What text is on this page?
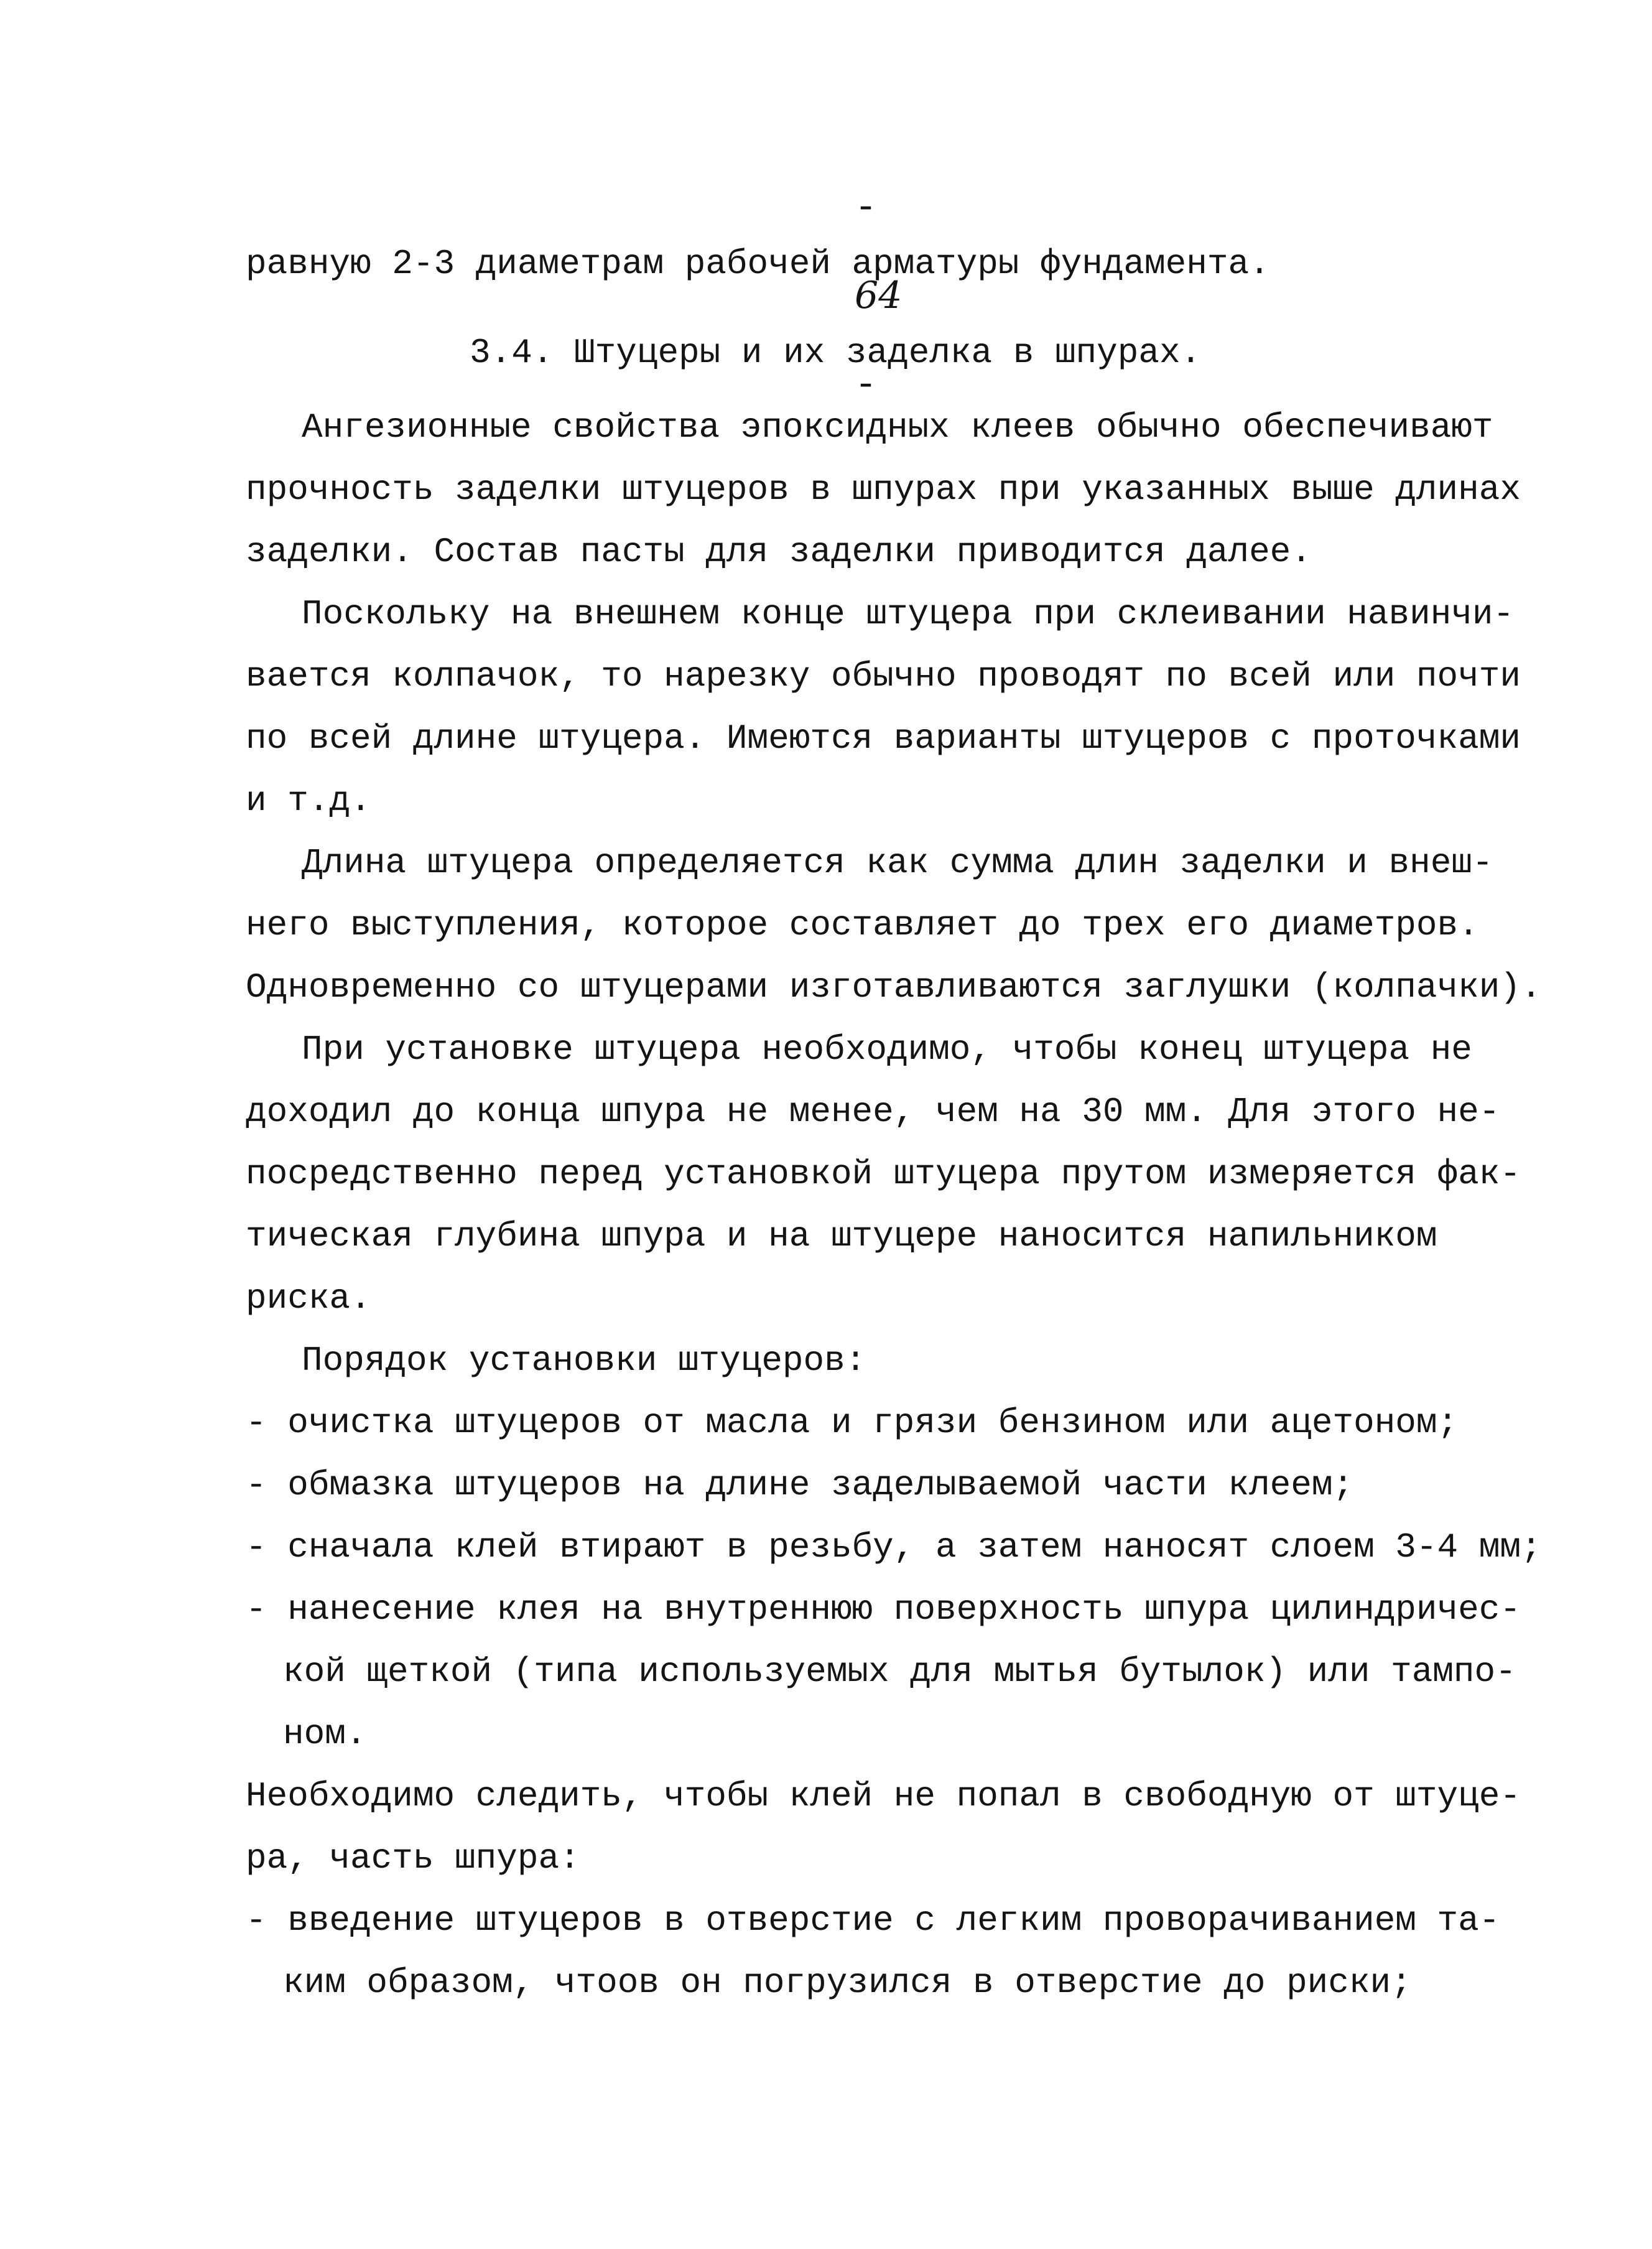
-

64

-

равную 2-3 диаметрам рабочей арматуры фундамента.
3.4. Штуцеры и их заделка в шпурах.
Ангезионные свойства эпоксидных клеев обычно обеспечивают
прочность заделки штуцеров в шпурах при указанных выше длинах
заделки. Состав пасты для заделки приводится далее.
Поскольку на внешнем конце штуцера при склеивании навинчи-
вается колпачок, то нарезку обычно проводят по всей или почти
по всей длине штуцера. Имеются варианты штуцеров с проточками
и т.д.
Длина штуцера определяется как сумма длин заделки и внеш-
него выступления, которое составляет до трех его диаметров.
Одновременно со штуцерами изготавливаются заглушки (колпачки).
При установке штуцера необходимо, чтобы конец штуцера не
доходил до конца шпура не менее, чем на 30 мм. Для этого не-
посредственно перед установкой штуцера прутом измеряется фак-
тическая глубина шпура и на штуцере наносится напильником
риска.
Порядок установки штуцеров:
- очистка штуцеров от масла и грязи бензином или ацетоном;
- обмазка штуцеров на длине заделываемой части клеем;
- сначала клей втирают в резьбу, а затем наносят слоем 3-4 мм;
- нанесение клея на внутреннюю поверхность шпура цилиндричес-
кой щеткой (типа используемых для мытья бутылок) или тампо-
ном.
Необходимо следить, чтобы клей не попал в свободную от штуце-
ра, часть шпура:
- введение штуцеров в отверстие с легким проворачиванием та-
ким образом, чтоов он погрузился в отверстие до риски;
